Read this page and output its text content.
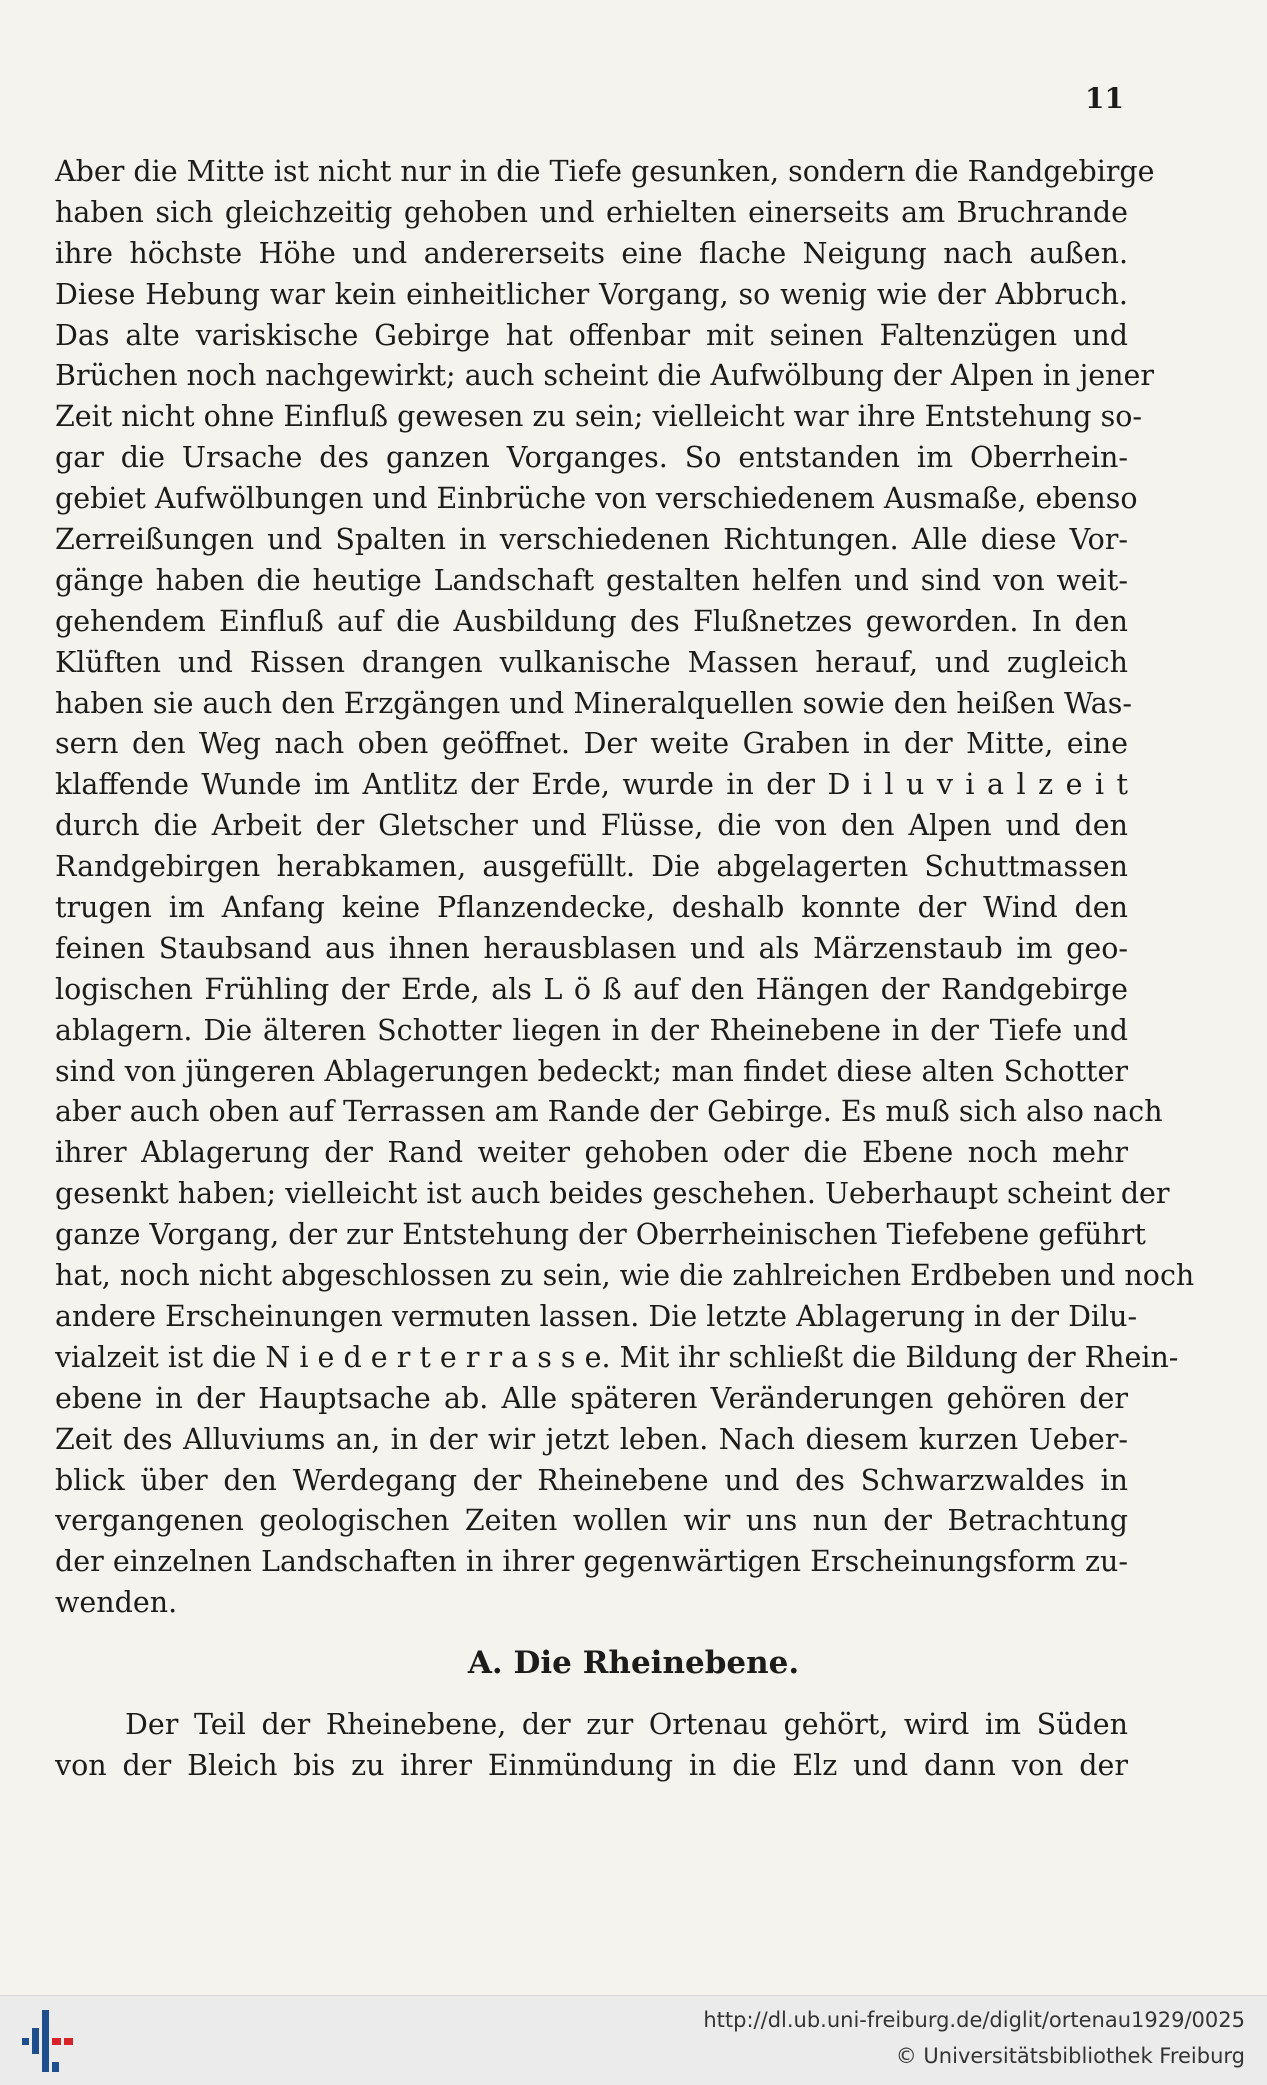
11
Aber die Mitte ist nicht nur in die Tiefe gesunken, sondern die Randgebirge
haben sich gleichzeitig gehoben und erhielten einerseits am Bruchrande
ihre höchste Höhe und andererseits eine flache Neigung nach außen.
Diese Hebung war kein einheitlicher Vorgang, so wenig wie der Abbruch.
Das alte variskische Gebirge hat offenbar mit seinen Faltenzügen und
Brüchen noch nachgewirkt; auch scheint die Aufwölbung der Alpen in jener
Zeit nicht ohne Einfluß gewesen zu sein; vielleicht war ihre Entstehung so-
gar die Ursache des ganzen Vorganges. So entstanden im Oberrhein-
gebiet Aufwölbungen und Einbrüche von verschiedenem Ausmaße, ebenso
Zerreißungen und Spalten in verschiedenen Richtungen. Alle diese Vor-
gänge haben die heutige Landschaft gestalten helfen und sind von weit-
gehendem Einfluß auf die Ausbildung des Flußnetzes geworden. In den
Klüften und Rissen drangen vulkanische Massen herauf, und zugleich
haben sie auch den Erzgängen und Mineralquellen sowie den heißen Was-
sern den Weg nach oben geöffnet. Der weite Graben in der Mitte, eine
klaffende Wunde im Antlitz der Erde, wurde in der D i l u v i a l z e i t
durch die Arbeit der Gletscher und Flüsse, die von den Alpen und den
Randgebirgen herabkamen, ausgefüllt. Die abgelagerten Schuttmassen
trugen im Anfang keine Pflanzendecke, deshalb konnte der Wind den
feinen Staubsand aus ihnen herausblasen und als Märzenstaub im geo-
logischen Frühling der Erde, als L ö ß auf den Hängen der Randgebirge
ablagern. Die älteren Schotter liegen in der Rheinebene in der Tiefe und
sind von jüngeren Ablagerungen bedeckt; man findet diese alten Schotter
aber auch oben auf Terrassen am Rande der Gebirge. Es muß sich also nach
ihrer Ablagerung der Rand weiter gehoben oder die Ebene noch mehr
gesenkt haben; vielleicht ist auch beides geschehen. Ueberhaupt scheint der
ganze Vorgang, der zur Entstehung der Oberrheinischen Tiefebene geführt
hat, noch nicht abgeschlossen zu sein, wie die zahlreichen Erdbeben und noch
andere Erscheinungen vermuten lassen. Die letzte Ablagerung in der Dilu-
vialzeit ist die N i e d e r t e r r a s s e. Mit ihr schließt die Bildung der Rhein-
ebene in der Hauptsache ab. Alle späteren Veränderungen gehören der
Zeit des Alluviums an, in der wir jetzt leben. Nach diesem kurzen Ueber-
blick über den Werdegang der Rheinebene und des Schwarzwaldes in
vergangenen geologischen Zeiten wollen wir uns nun der Betrachtung
der einzelnen Landschaften in ihrer gegenwärtigen Erscheinungsform zu-
wenden.
A. Die Rheinebene.
Der Teil der Rheinebene, der zur Ortenau gehört, wird im Süden
von der Bleich bis zu ihrer Einmündung in die Elz und dann von der
http://dl.ub.uni-freiburg.de/diglit/ortenau1929/0025
© Universitätsbibliothek Freiburg
